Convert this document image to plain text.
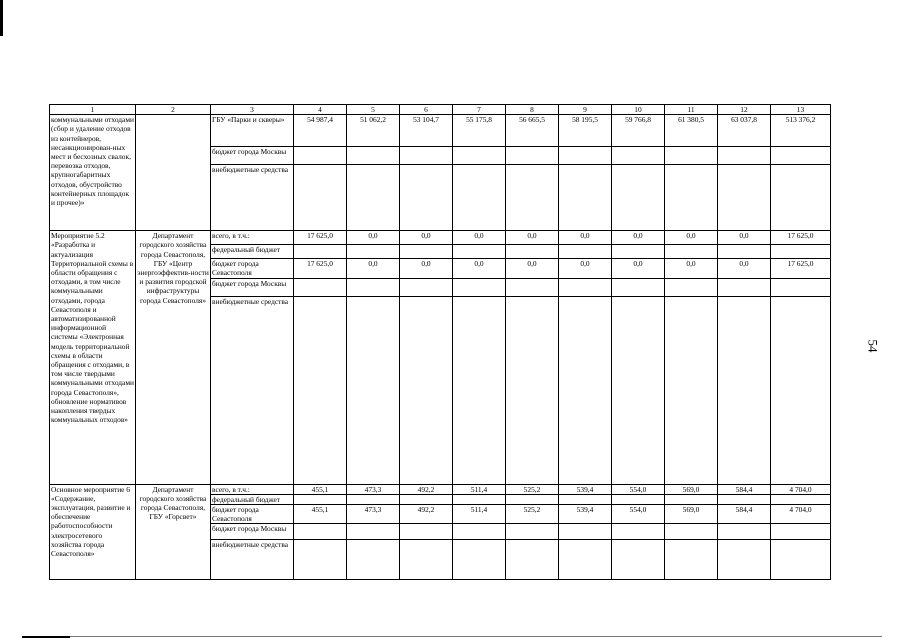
1	2	3	4	5	6	7	8	9	10	11	12	13
коммунальными отходами (сбор и удаление отходов из контейнеров, несанкционирован-ных мест и бесхозных свалок, перевозка отходов, крупногабаритных отходов, обустройство контейнерных площадок и прочее)»		ГБУ «Парки и скверы»	54 987,4	51 062,2	53 104,7	55 175,8	56 665,5	58 195,5	59 766,8	61 380,5	63 037,8	513 376,2
		бюджет города Москвы										
		внебюджетные средства										
Мероприятие 5.2 «Разработка и актуализация Территориальной схемы в области обращения с отходами, в том числе коммунальными отходами, города Севастополя и автоматизированной информационной системы «Электронная модель территориальной схемы в области обращения с отходами, в том числе твердыми коммунальными отходами города Севастополя», обновление нормативов накопления твердых коммунальных отходов»	Департамент городского хозяйства города Севастополя, ГБУ «Центр энергоэффектив-ности и развития городской инфраструктуры города Севастополя»	всего, в т.ч.:	17 625,0	0,0	0,0	0,0	0,0	0,0	0,0	0,0	0,0	17 625,0
		федеральный бюджет										
		бюджет города Севастополя	17 625,0	0,0	0,0	0,0	0,0	0,0	0,0	0,0	0,0	17 625,0
		бюджет города Москвы										
		внебюджетные средства										
Основное мероприятие 6 «Содержание, эксплуатация, развитие и обеспечение работоспособности электросетевого хозяйства города Севастополя»	Департамент городского хозяйства города Севастополя, ГБУ «Горсвет»	всего, в т.ч.:	455,1	473,3	492,2	511,4	525,2	539,4	554,0	569,0	584,4	4 704,0
		федеральный бюджет										
		бюджет города Севастополя	455,1	473,3	492,2	511,4	525,2	539,4	554,0	569,0	584,4	4 704,0
		бюджет города Москвы										
		внебюджетные средства										
54
